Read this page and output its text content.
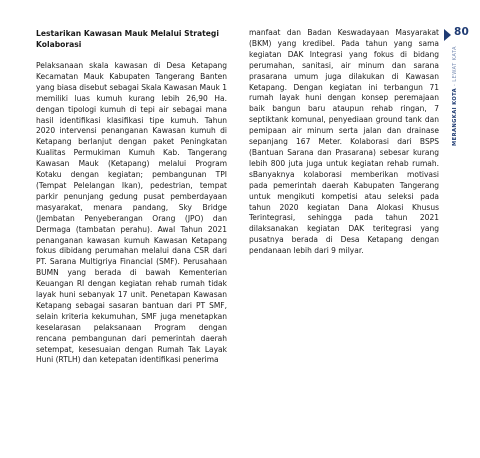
Lestarikan Kawasan Mauk Melalui Strategi Kolaborasi

Pelaksanaan skala kawasan di Desa Ketapang Kecamatan Mauk Kabupaten Tangerang Banten yang biasa disebut sebagai Skala Kawasan Mauk 1 memiliki luas kumuh kurang lebih 26,90 Ha. dengan tipologi kumuh di tepi air sebagai mana hasil identifikasi klasifikasi tipe kumuh. Tahun 2020 intervensi penanganan Kawasan kumuh di Ketapang berlanjut dengan paket Peningkatan Kualitas Permukiman Kumuh Kab. Tangerang Kawasan Mauk (Ketapang) melalui Program Kotaku dengan kegiatan; pembangunan TPI (Tempat Pelelangan Ikan), pedestrian, tempat parkir penunjang gedung pusat pemberdayaan masyarakat, menara pandang, Sky Bridge (Jembatan Penyeberangan Orang (JPO) dan Dermaga (tambatan perahu). Awal Tahun 2021 penanganan kawasan kumuh Kawasan Ketapang fokus dibidang perumahan melalui dana CSR dari PT. Sarana Multigriya Financial (SMF). Perusahaan BUMN yang berada di bawah Kementerian Keuangan RI dengan kegiatan rehab rumah tidak layak huni sebanyak 17 unit. Penetapan Kawasan Ketapang sebagai sasaran bantuan dari PT SMF, selain kriteria kekumuhan, SMF juga menetapkan keselarasan pelaksanaan Program dengan rencana pembangunan dari pemerintah daerah setempat, kesesuaian dengan Rumah Tak Layak Huni (RTLH) dan ketepatan identifikasi penerima

manfaat dan Badan Keswadayaan Masyarakat (BKM) yang kredibel. Pada tahun yang sama kegiatan DAK Integrasi yang fokus di bidang perumahan, sanitasi, air minum dan sarana prasarana umum juga dilakukan di Kawasan Ketapang. Dengan kegiatan ini terbangun 71 rumah layak huni dengan konsep peremajaan baik bangun baru ataupun rehab ringan, 7 septiktank komunal, penyediaan ground tank dan pemipaan air minum serta jalan dan drainase sepanjang 167 Meter. Kolaborasi dari BSPS (Bantuan Sarana dan Prasarana) sebesar kurang lebih 800 juta juga untuk kegiatan rehab rumah. sBanyaknya kolaborasi memberikan motivasi pada pemerintah daerah Kabupaten Tangerang untuk mengikuti kompetisi atau seleksi pada tahun 2020 kegiatan Dana Alokasi Khusus Terintegrasi, sehingga pada tahun 2021 dilaksanakan kegiatan DAK teritegrasi yang pusatnya berada di Desa Ketapang dengan pendanaan lebih dari 9 milyar.

80
MERANGKAI KOTA · LEWAT KATA
